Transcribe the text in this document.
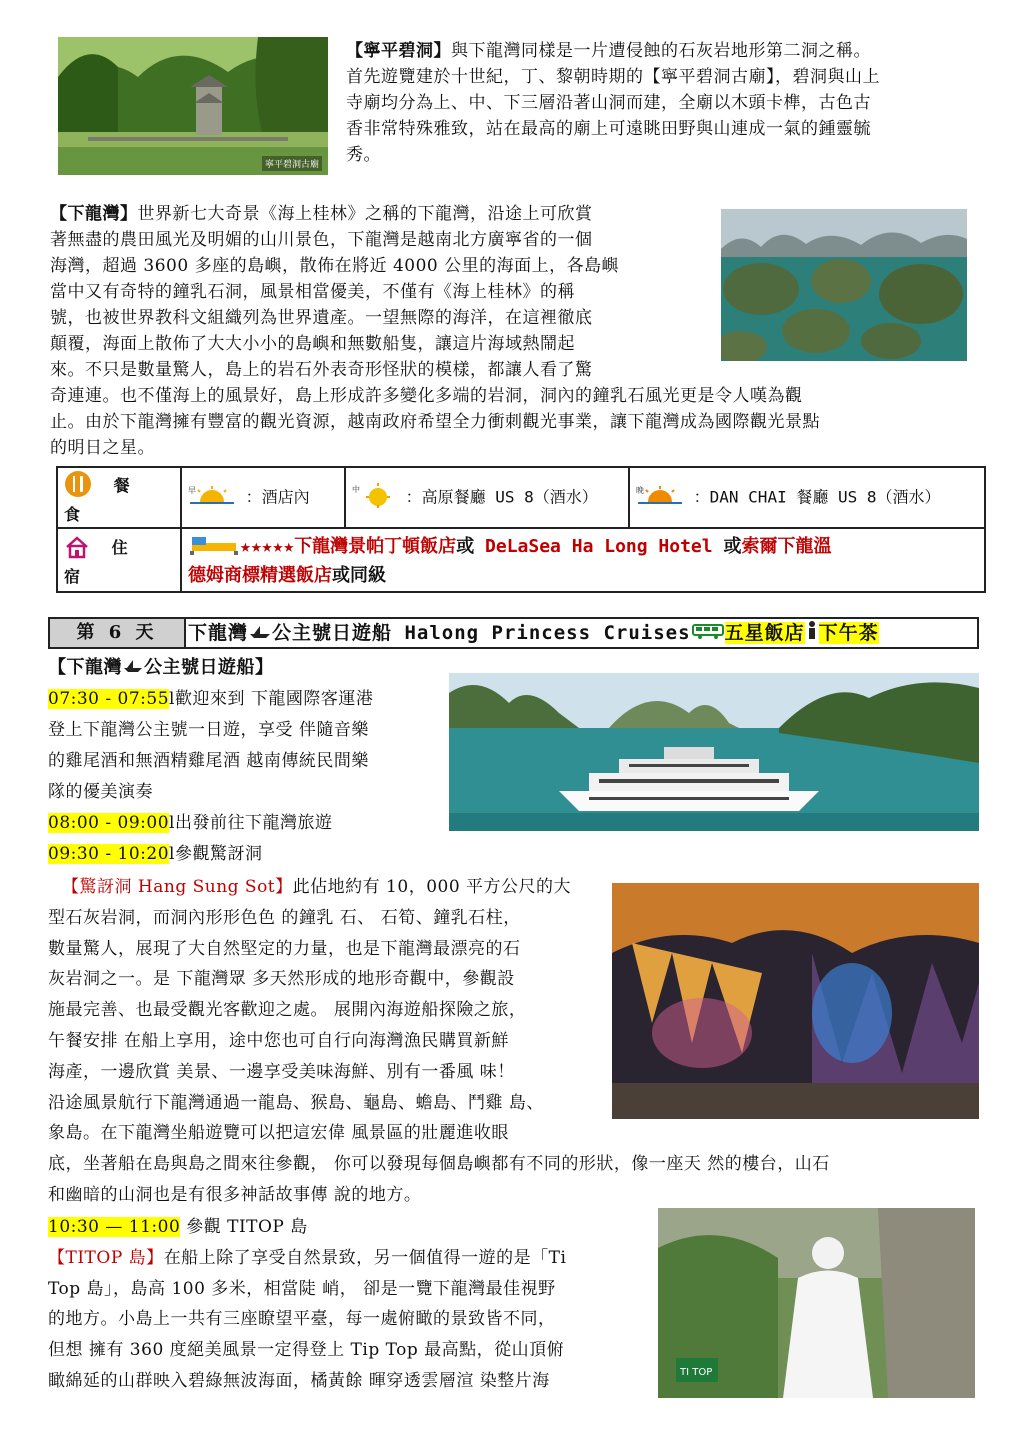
寧平碧洞古廟
【寧平碧洞】與下龍灣同樣是一片遭侵蝕的石灰岩地形第二洞之稱。
首先遊覽建於十世紀，丁、黎朝時期的【寧平碧洞古廟】，碧洞與山上
寺廟均分為上、中、下三層沿著山洞而建，全廟以木頭卡榫，古色古
香非常特殊雅致，站在最高的廟上可遠眺田野與山連成一氣的鍾靈毓
秀。
【下龍灣】世界新七大奇景《海上桂林》之稱的下龍灣，沿途上可欣賞
著無盡的農田風光及明媚的山川景色，下龍灣是越南北方廣寧省的一個
海灣，超過 3600 多座的島嶼，散佈在將近 4000 公里的海面上，各島嶼
當中又有奇特的鐘乳石洞，風景相當優美，不僅有《海上桂林》的稱
號，也被世界教科文組織列為世界遺產。一望無際的海洋，在這裡徹底
顛覆，海面上散佈了大大小小的島嶼和無數船隻，讓這片海域熱鬧起
來。不只是數量驚人，島上的岩石外表奇形怪狀的模樣，都讓人看了驚
奇連連。也不僅海上的風景好，島上形成許多變化多端的岩洞，洞內的鐘乳石風光更是令人嘆為觀
止。由於下龍灣擁有豐富的觀光資源，越南政府希望全力衝刺觀光事業，讓下龍灣成為國際觀光景點
的明日之星。
餐 食	早 ：酒店內	中 ：高原餐廳 US 8（酒水）	晚 ：DAN CHAI 餐廳 US 8（酒水）
住 宿	★★★★★下龍灣景帕丁頓飯店或 DeLaSea Ha Long Hotel 或索爾下龍溫
德姆商標精選飯店或同級		
第 6 天	下龍灣 公主號日遊船 Halong Princess Cruises 五星飯店 下午茶
【下龍灣 公主號日遊船】
07:30 - 07:55l歡迎來到 下龍國際客運港
登上下龍灣公主號一日遊，享受 伴隨音樂
的雞尾酒和無酒精雞尾酒 越南傳統民間樂
隊的優美演奏
08:00 - 09:00l出發前往下龍灣旅遊
09:30 - 10:20l參觀驚訝洞
【驚訝洞 Hang Sung Sot】此佔地約有 10，000 平方公尺的大
型石灰岩洞，而洞內形形色色 的鐘乳 石、 石筍、鐘乳石柱，
數量驚人，展現了大自然堅定的力量，也是下龍灣最漂亮的石
灰岩洞之一。是 下龍灣眾 多天然形成的地形奇觀中，參觀設
施最完善、也最受觀光客歡迎之處。 展開內海遊船探險之旅，
午餐安排 在船上享用，途中您也可自行向海灣漁民購買新鮮
海產，一邊欣賞 美景、一邊享受美味海鮮、別有一番風 味！
沿途風景航行下龍灣通過一龍島、猴島、龜島、蟾島、鬥雞 島、
象島。在下龍灣坐船遊覽可以把這宏偉 風景區的壯麗進收眼
底，坐著船在島與島之間來往參觀， 你可以發現每個島嶼都有不同的形狀，像一座天 然的樓台，山石
和幽暗的山洞也是有很多神話故事傳 說的地方。
TI TOP
10:30 — 11:00 參觀 TITOP 島
【TITOP 島】在船上除了享受自然景致，另一個值得一遊的是「Ti
Top 島」，島高 100 多米，相當陡 峭， 卻是一覽下龍灣最佳視野
的地方。小島上一共有三座瞭望平臺，每一處俯瞰的景致皆不同，
但想 擁有 360 度絕美風景一定得登上 Tip Top 最高點，從山頂俯
瞰綿延的山群映入碧綠無波海面，橘黃餘 暉穿透雲層渲 染整片海
